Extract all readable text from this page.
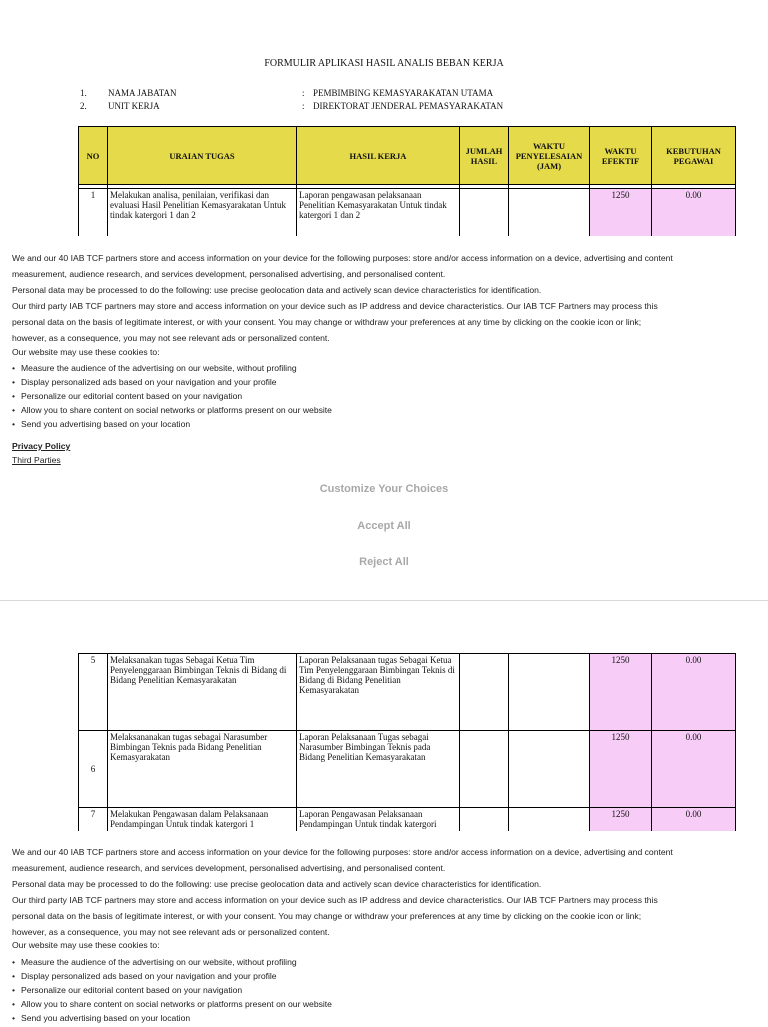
FORMULIR APLIKASI HASIL ANALIS BEBAN KERJA
1. NAMA JABATAN	: PEMBIMBING KEMASYARAKATAN UTAMA
2. UNIT KERJA	: DIREKTORAT JENDERAL PEMASYARAKATAN
NO	URAIAN TUGAS	HASIL KERJA	JUMLAH HASIL	WAKTU PENYELESAIAN (JAM)	WAKTU EFEKTIF	KEBUTUHAN PEGAWAI

1	Melakukan analisa, penilaian, verifikasi dan evaluasi Hasil Penelitian Kemasyarakatan Untuk tindak katergori 1 dan 2	Laporan pengawasan pelaksanaan Penelitian Kemasyarakatan Untuk tindak katergori 1 dan 2			1250	0.00

We and our 40 IAB TCF partners store and access information on your device for the following purposes: store and/or access information on a device, advertising and content

measurement, audience research, and services development, personalised advertising, and personalised content.

Personal data may be processed to do the following: use precise geolocation data and actively scan device characteristics for identification.

Our third party IAB TCF partners may store and access information on your device such as IP address and device characteristics. Our IAB TCF Partners may process this

personal data on the basis of legitimate interest, or with your consent. You may change or withdraw your preferences at any time by clicking on the cookie icon or link;

however, as a consequence, you may not see relevant ads or personalized content.

Our website may use these cookies to:

• Measure the audience of the advertising on our website, without profiling
• Display personalized ads based on your navigation and your profile
• Personalize our editorial content based on your navigation
• Allow you to share content on social networks or platforms present on our website
• Send you advertising based on your location
Privacy Policy
Third Parties
Customize Your Choices
Accept All
Reject All
5	Melaksanakan tugas Sebagai Ketua Tim Penyelenggaraan Bimbingan Teknis di Bidang di Bidang Penelitian Kemasyarakatan	Laporan Pelaksanaan tugas Sebagai Ketua Tim Penyelenggaraan Bimbingan Teknis di Bidang di Bidang Penelitian Kemasyarakatan			1250	0.00
6	Melaksananakan tugas sebagai Narasumber Bimbingan Teknis pada Bidang Penelitian Kemasyarakatan	Laporan Pelaksanaan Tugas sebagai Narasumber Bimbingan Teknis pada Bidang Penelitian Kemasyarakatan			1250	0.00
7	Melakukan Pengawasan dalam Pelaksanaan Pendampingan Untuk tindak katergori 1	Laporan Pengawasan Pelaksanaan Pendampingan Untuk tindak katergori			1250	0.00

We and our 40 IAB TCF partners store and access information on your device for the following purposes: store and/or access information on a device, advertising and content

measurement, audience research, and services development, personalised advertising, and personalised content.

Personal data may be processed to do the following: use precise geolocation data and actively scan device characteristics for identification.

Our third party IAB TCF partners may store and access information on your device such as IP address and device characteristics. Our IAB TCF Partners may process this

personal data on the basis of legitimate interest, or with your consent. You may change or withdraw your preferences at any time by clicking on the cookie icon or link;

however, as a consequence, you may not see relevant ads or personalized content.

Our website may use these cookies to:

• Measure the audience of the advertising on our website, without profiling
• Display personalized ads based on your navigation and your profile
• Personalize our editorial content based on your navigation
• Allow you to share content on social networks or platforms present on our website
• Send you advertising based on your location
